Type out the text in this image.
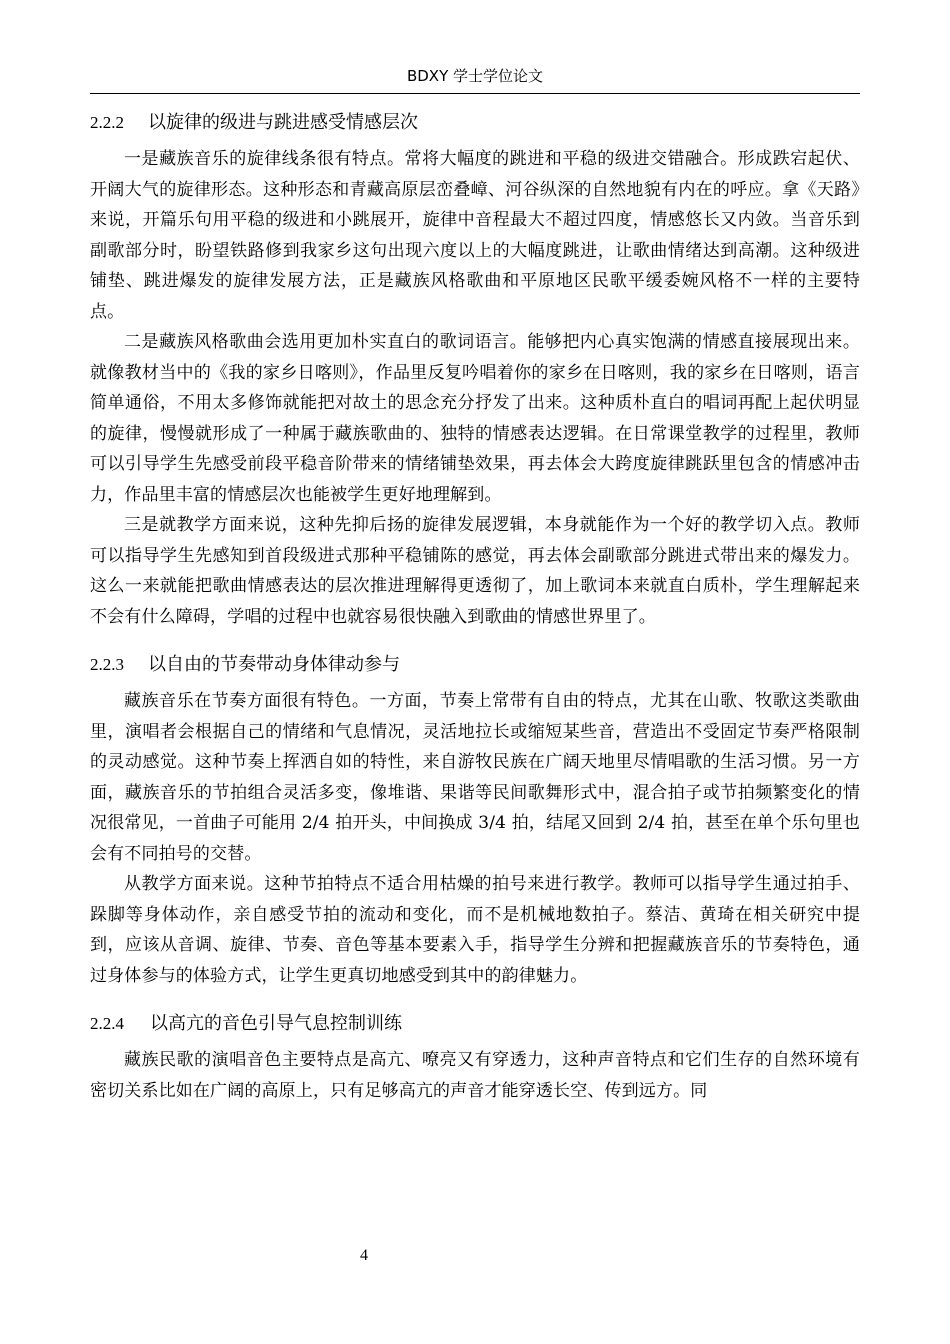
BDXY 学士学位论文
2.2.2 以旋律的级进与跳进感受情感层次

一是藏族音乐的旋律线条很有特点。常将大幅度的跳进和平稳的级进交错融合。形成跌宕起伏、开阔大气的旋律形态。这种形态和青藏高原层峦叠嶂、河谷纵深的自然地貌有内在的呼应。拿《天路》来说，开篇乐句用平稳的级进和小跳展开，旋律中音程最大不超过四度，情感悠长又内敛。当音乐到副歌部分时，盼望铁路修到我家乡这句出现六度以上的大幅度跳进，让歌曲情绪达到高潮。这种级进铺垫、跳进爆发的旋律发展方法，正是藏族风格歌曲和平原地区民歌平缓委婉风格不一样的主要特点。

二是藏族风格歌曲会选用更加朴实直白的歌词语言。能够把内心真实饱满的情感直接展现出来。就像教材当中的《我的家乡日喀则》，作品里反复吟唱着你的家乡在日喀则，我的家乡在日喀则，语言简单通俗，不用太多修饰就能把对故土的思念充分抒发了出来。这种质朴直白的唱词再配上起伏明显的旋律，慢慢就形成了一种属于藏族歌曲的、独特的情感表达逻辑。在日常课堂教学的过程里，教师可以引导学生先感受前段平稳音阶带来的情绪铺垫效果，再去体会大跨度旋律跳跃里包含的情感冲击力，作品里丰富的情感层次也能被学生更好地理解到。

三是就教学方面来说，这种先抑后扬的旋律发展逻辑，本身就能作为一个好的教学切入点。教师可以指导学生先感知到首段级进式那种平稳铺陈的感觉，再去体会副歌部分跳进式带出来的爆发力。这么一来就能把歌曲情感表达的层次推进理解得更透彻了，加上歌词本来就直白质朴，学生理解起来不会有什么障碍，学唱的过程中也就容易很快融入到歌曲的情感世界里了。

2.2.3 以自由的节奏带动身体律动参与

藏族音乐在节奏方面很有特色。一方面，节奏上常带有自由的特点，尤其在山歌、牧歌这类歌曲里，演唱者会根据自己的情绪和气息情况，灵活地拉长或缩短某些音，营造出不受固定节奏严格限制的灵动感觉。这种节奏上挥洒自如的特性，来自游牧民族在广阔天地里尽情唱歌的生活习惯。另一方面，藏族音乐的节拍组合灵活多变，像堆谐、果谐等民间歌舞形式中，混合拍子或节拍频繁变化的情况很常见，一首曲子可能用 2/4 拍开头，中间换成 3/4 拍，结尾又回到 2/4 拍，甚至在单个乐句里也会有不同拍号的交替。

从教学方面来说。这种节拍特点不适合用枯燥的拍号来进行教学。教师可以指导学生通过拍手、跺脚等身体动作，亲自感受节拍的流动和变化，而不是机械地数拍子。蔡洁、黄琦在相关研究中提到，应该从音调、旋律、节奏、音色等基本要素入手，指导学生分辨和把握藏族音乐的节奏特色，通过身体参与的体验方式，让学生更真切地感受到其中的韵律魅力。

2.2.4 以高亢的音色引导气息控制训练

藏族民歌的演唱音色主要特点是高亢、嘹亮又有穿透力，这种声音特点和它们生存的自然环境有密切关系比如在广阔的高原上，只有足够高亢的声音才能穿透长空、传到远方。同

4
